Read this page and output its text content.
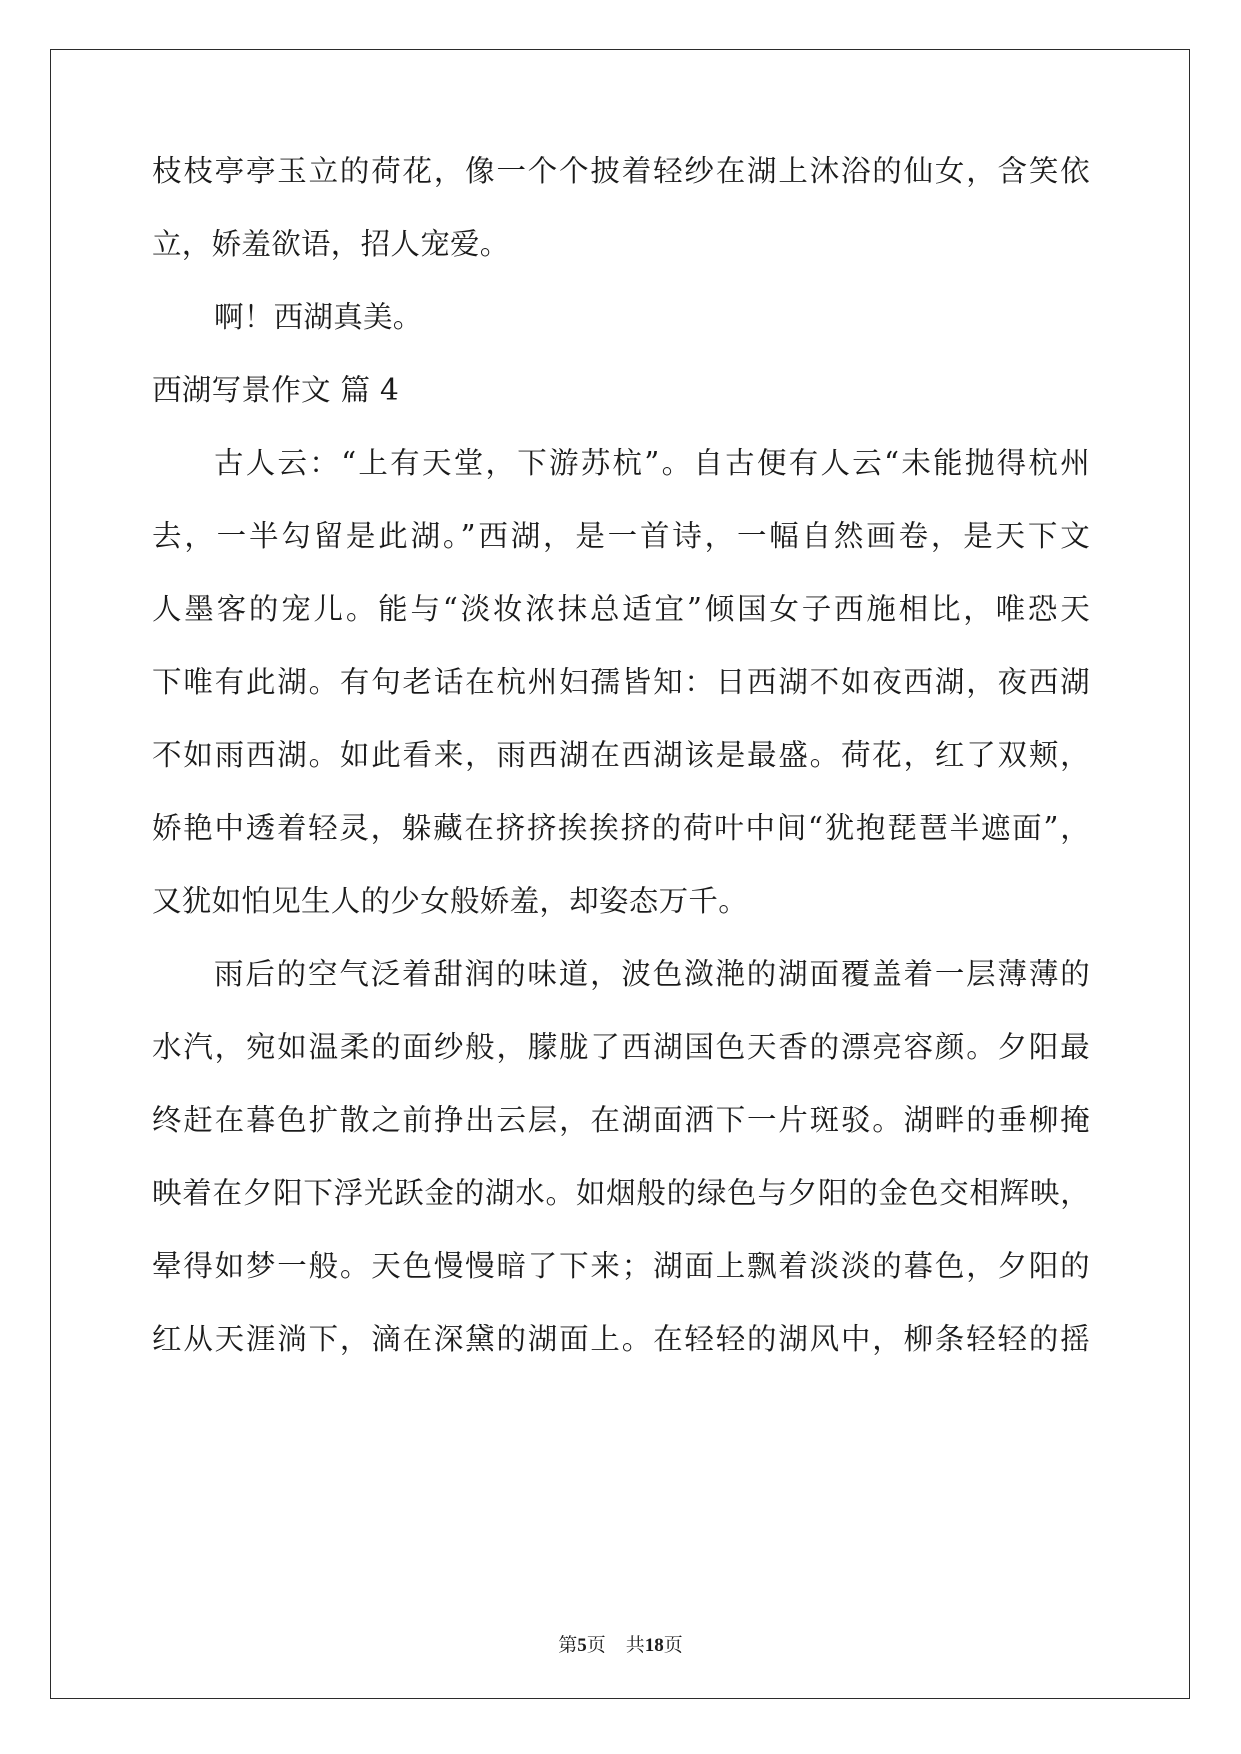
枝枝亭亭玉立的荷花，像一个个披着轻纱在湖上沐浴的仙女，含笑依
立，娇羞欲语，招人宠爱。
啊！西湖真美。
西湖写景作文 篇 4
古人云：“上有天堂，下游苏杭”。自古便有人云“未能抛得杭州
去，一半勾留是此湖。”西湖，是一首诗，一幅自然画卷，是天下文
人墨客的宠儿。能与“淡妆浓抹总适宜”倾国女子西施相比，唯恐天
下唯有此湖。有句老话在杭州妇孺皆知：日西湖不如夜西湖，夜西湖
不如雨西湖。如此看来，雨西湖在西湖该是最盛。荷花，红了双颊，
娇艳中透着轻灵，躲藏在挤挤挨挨挤的荷叶中间“犹抱琵琶半遮面”，
又犹如怕见生人的少女般娇羞，却姿态万千。
雨后的空气泛着甜润的味道，波色潋滟的湖面覆盖着一层薄薄的
水汽，宛如温柔的面纱般，朦胧了西湖国色天香的漂亮容颜。夕阳最
终赶在暮色扩散之前挣出云层，在湖面洒下一片斑驳。湖畔的垂柳掩
映着在夕阳下浮光跃金的湖水。如烟般的绿色与夕阳的金色交相辉映，
晕得如梦一般。天色慢慢暗了下来；湖面上飘着淡淡的暮色，夕阳的
红从天涯淌下，滴在深黛的湖面上。在轻轻的湖风中，柳条轻轻的摇
第5页 共18页
